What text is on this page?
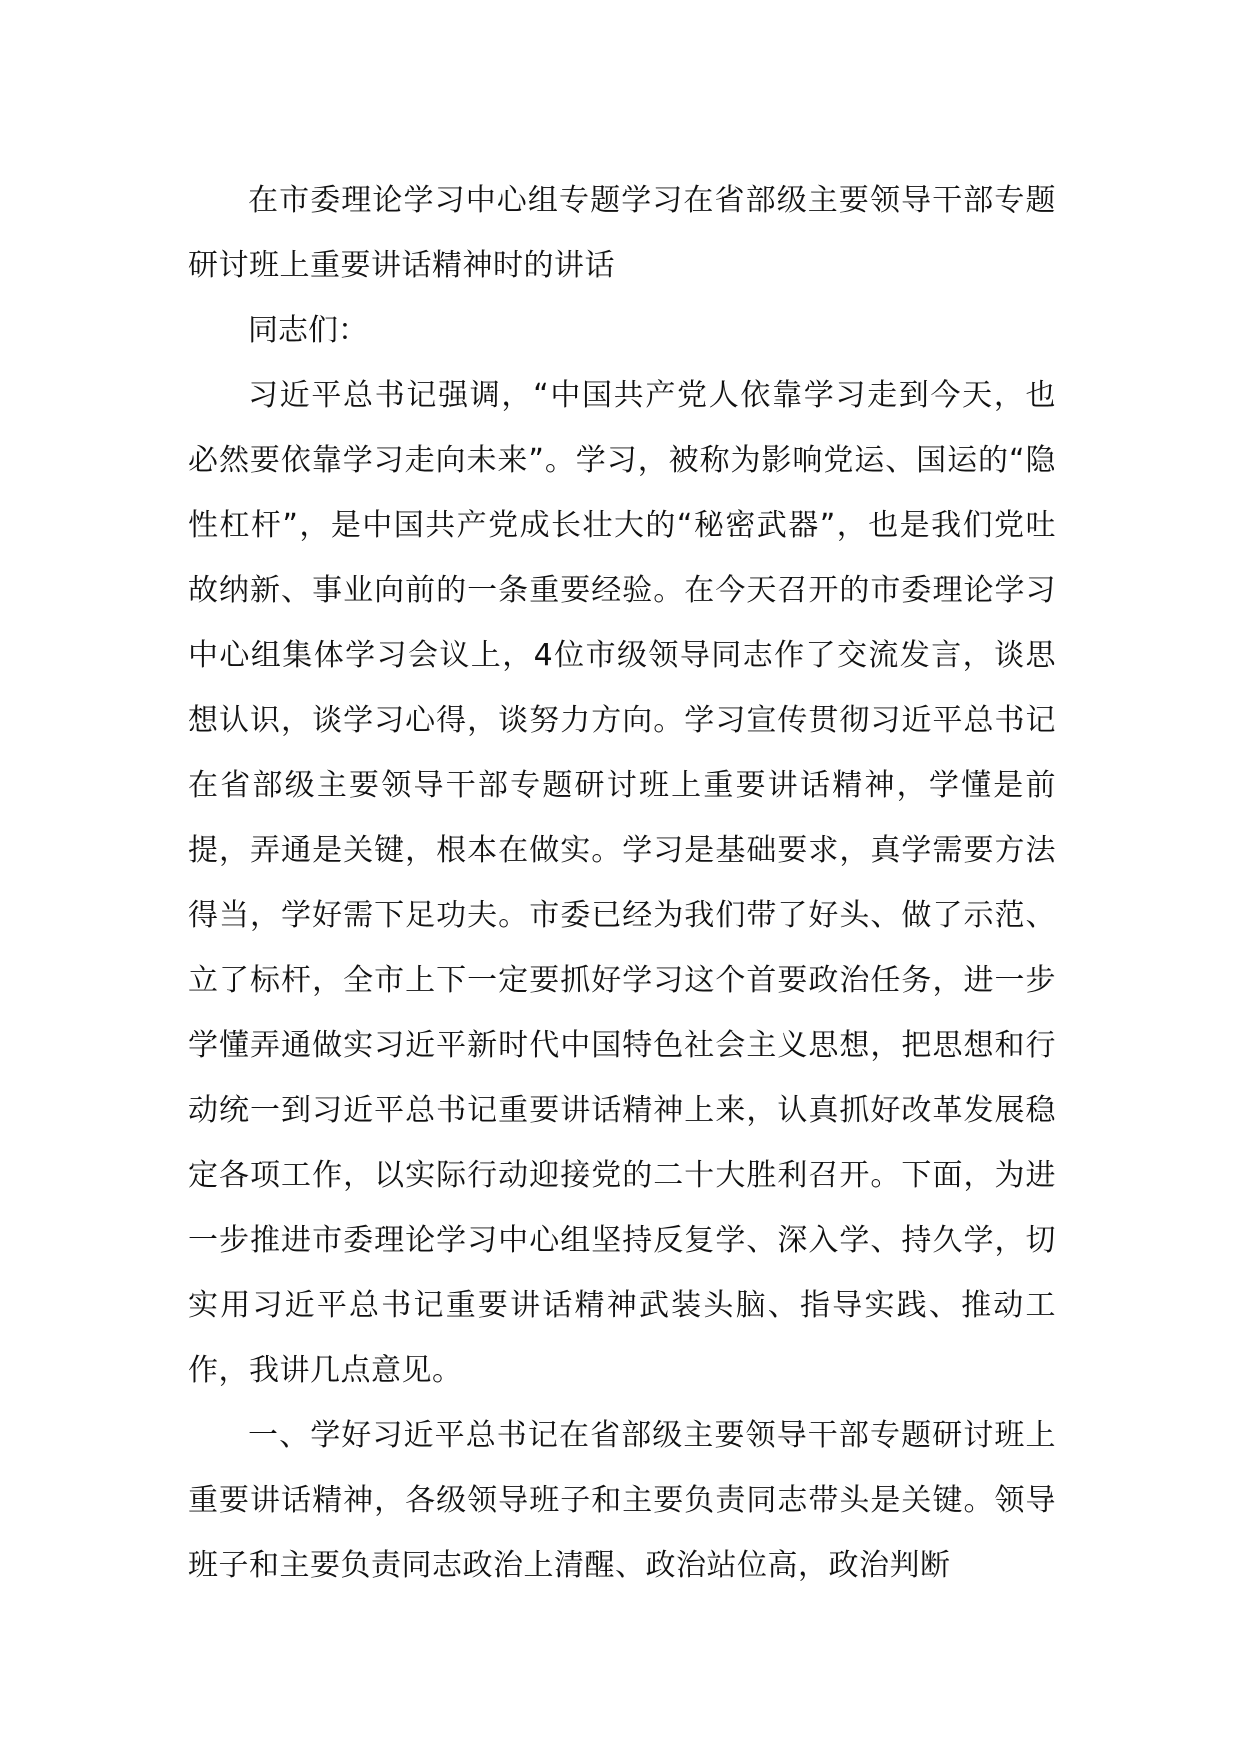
在市委理论学习中心组专题学习在省部级主要领导干部专题研讨班上重要讲话精神时的讲话

同志们：

习近平总书记强调，“中国共产党人依靠学习走到今天，也必然要依靠学习走向未来”。学习，被称为影响党运、国运的“隐性杠杆”，是中国共产党成长壮大的“秘密武器”，也是我们党吐故纳新、事业向前的一条重要经验。在今天召开的市委理论学习中心组集体学习会议上，4位市级领导同志作了交流发言，谈思想认识，谈学习心得，谈努力方向。学习宣传贯彻习近平总书记在省部级主要领导干部专题研讨班上重要讲话精神，学懂是前提，弄通是关键，根本在做实。学习是基础要求，真学需要方法得当，学好需下足功夫。市委已经为我们带了好头、做了示范、立了标杆，全市上下一定要抓好学习这个首要政治任务，进一步学懂弄通做实习近平新时代中国特色社会主义思想，把思想和行动统一到习近平总书记重要讲话精神上来，认真抓好改革发展稳定各项工作，以实际行动迎接党的二十大胜利召开。下面，为进一步推进市委理论学习中心组坚持反复学、深入学、持久学，切实用习近平总书记重要讲话精神武装头脑、指导实践、推动工作，我讲几点意见。

一、学好习近平总书记在省部级主要领导干部专题研讨班上重要讲话精神，各级领导班子和主要负责同志带头是关键。领导班子和主要负责同志政治上清醒、政治站位高，政治判断
